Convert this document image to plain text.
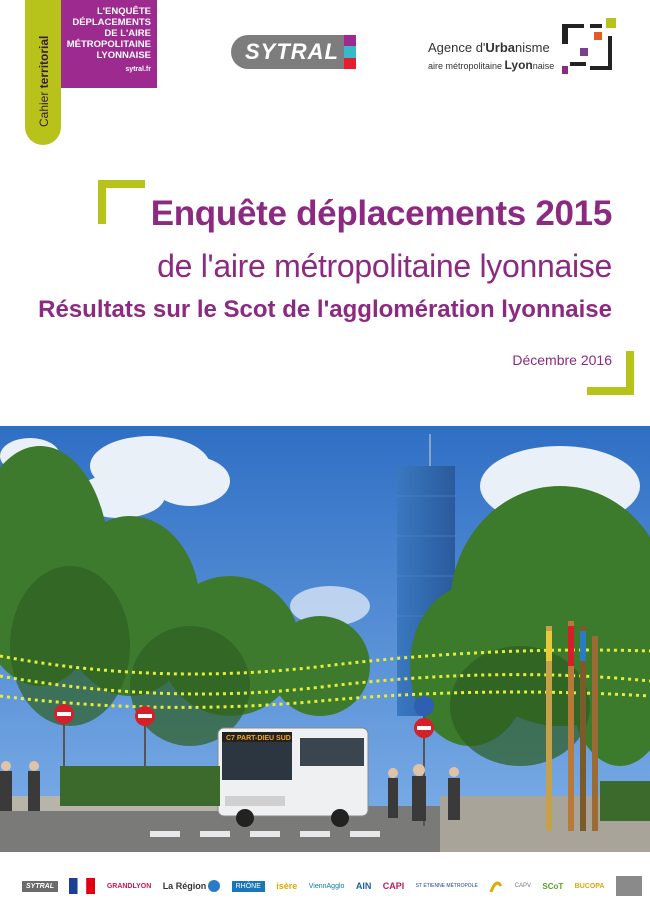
Cahier territorial
L'ENQUÊTE
DÉPLACEMENTS
DE L'AIRE
MÉTROPOLITAINE
LYONNAISE
sytral.fr
SYTRAL	Agence d'Urbanisme
aire métropolitaine Lyonnaise
Enquête déplacements 2015
de l'aire métropolitaine lyonnaise
Résultats sur le Scot de l'agglomération lyonnaise
Décembre 2016
C7 PART-DIEU SUD
SYTRAL	GRANDLYON La Région	RHÔNE	isère ViennAgglo AIN CAPI ST ÉTIENNE MÉTROPOLE	CAPV SCoT BUCOPA
